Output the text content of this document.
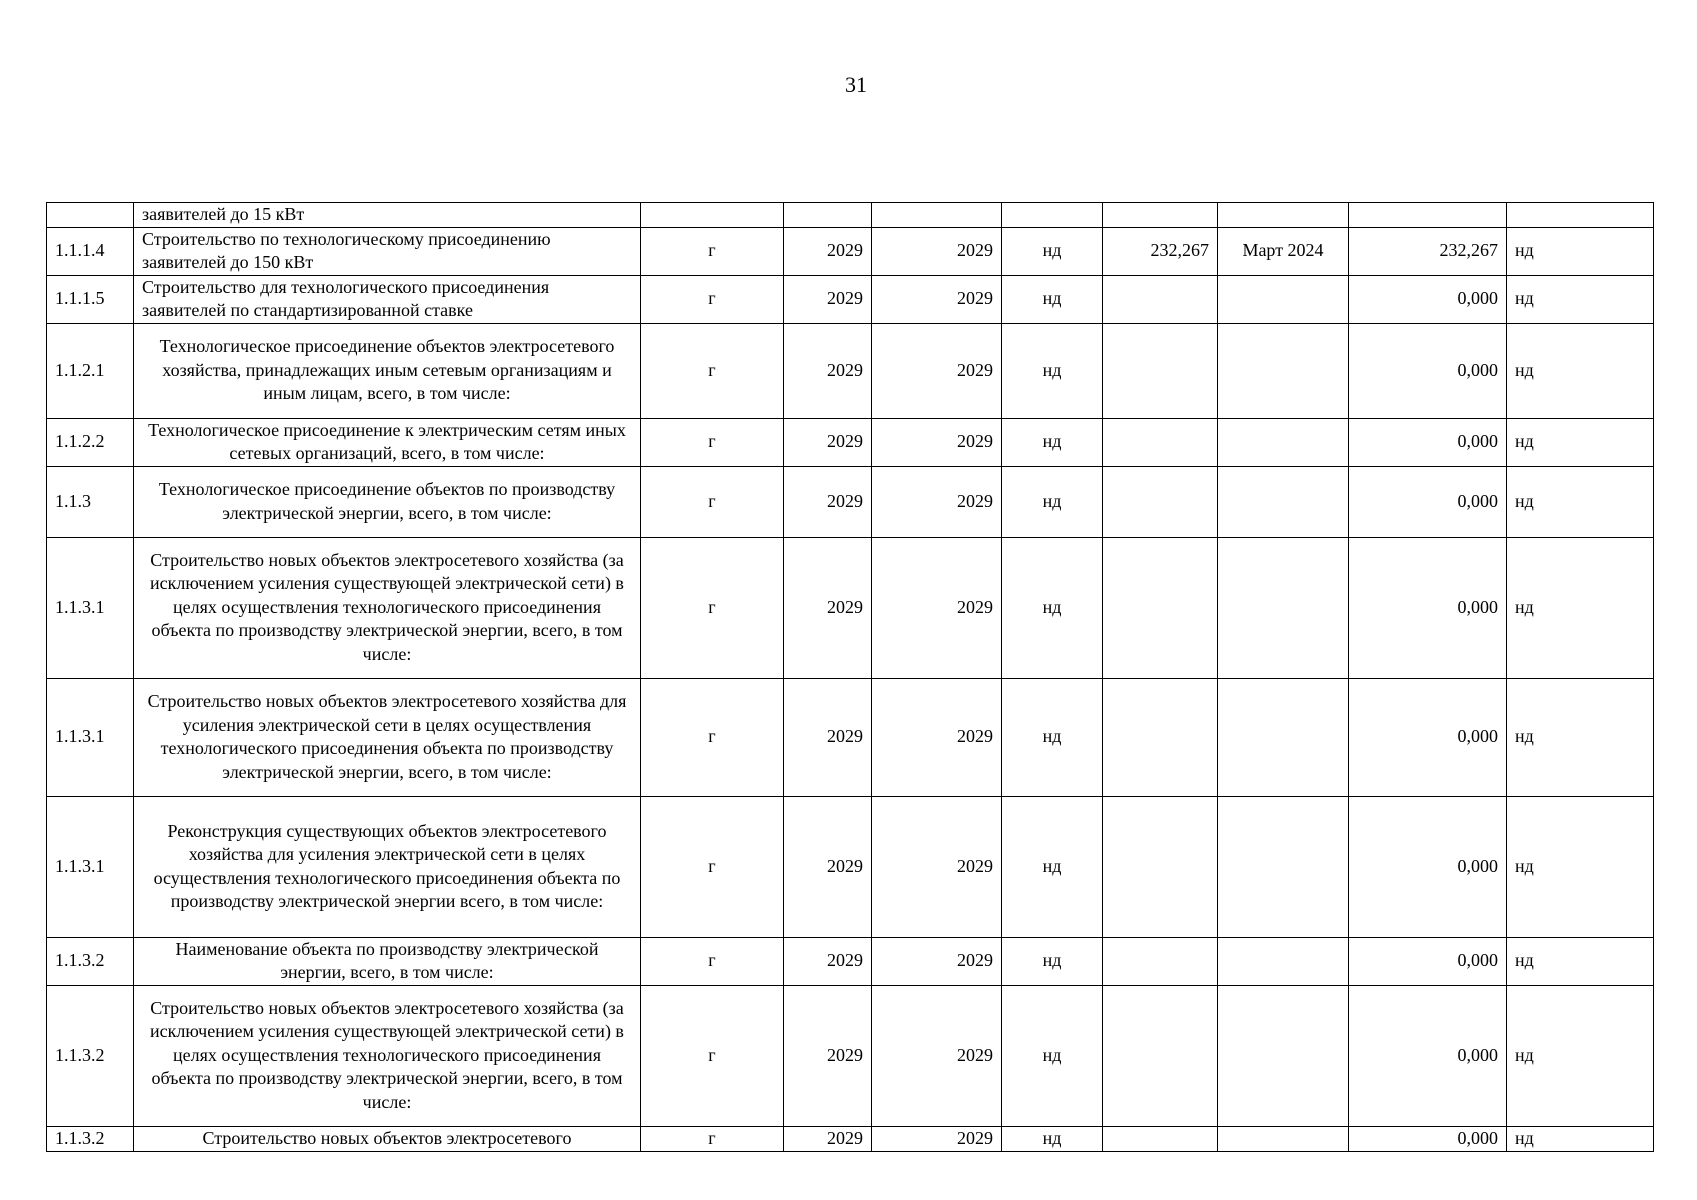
31
	заявителей до 15 кВт								
1.1.1.4	Строительство по технологическому присоединению заявителей до 150 кВт	г	2029	2029	нд	232,267	Март 2024	232,267	нд
1.1.1.5	Строительство для технологического присоединения заявителей по стандартизированной ставке	г	2029	2029	нд			0,000	нд
1.1.2.1	Технологическое присоединение объектов электросетевого хозяйства, принадлежащих иным сетевым организациям и иным лицам, всего, в том числе:	г	2029	2029	нд			0,000	нд
1.1.2.2	Технологическое присоединение к электрическим сетям иных сетевых организаций, всего, в том числе:	г	2029	2029	нд			0,000	нд
1.1.3	Технологическое присоединение объектов по производству электрической энергии, всего, в том числе:	г	2029	2029	нд			0,000	нд
1.1.3.1	Строительство новых объектов электросетевого хозяйства (за исключением усиления существующей электрической сети) в целях осуществления технологического присоединения объекта по производству электрической энергии, всего, в том числе:	г	2029	2029	нд			0,000	нд
1.1.3.1	Строительство новых объектов электросетевого хозяйства для усиления электрической сети в целях осуществления технологического присоединения объекта по производству электрической энергии, всего, в том числе:	г	2029	2029	нд			0,000	нд
1.1.3.1	Реконструкция существующих объектов электросетевого хозяйства для усиления электрической сети в целях осуществления технологического присоединения объекта по производству электрической энергии всего, в том числе:	г	2029	2029	нд			0,000	нд
1.1.3.2	Наименование объекта по производству электрической энергии, всего, в том числе:	г	2029	2029	нд			0,000	нд
1.1.3.2	Строительство новых объектов электросетевого хозяйства (за исключением усиления существующей электрической сети) в целях осуществления технологического присоединения объекта по производству электрической энергии, всего, в том числе:	г	2029	2029	нд			0,000	нд
1.1.3.2	Строительство новых объектов электросетевого	г	2029	2029	нд			0,000	нд
